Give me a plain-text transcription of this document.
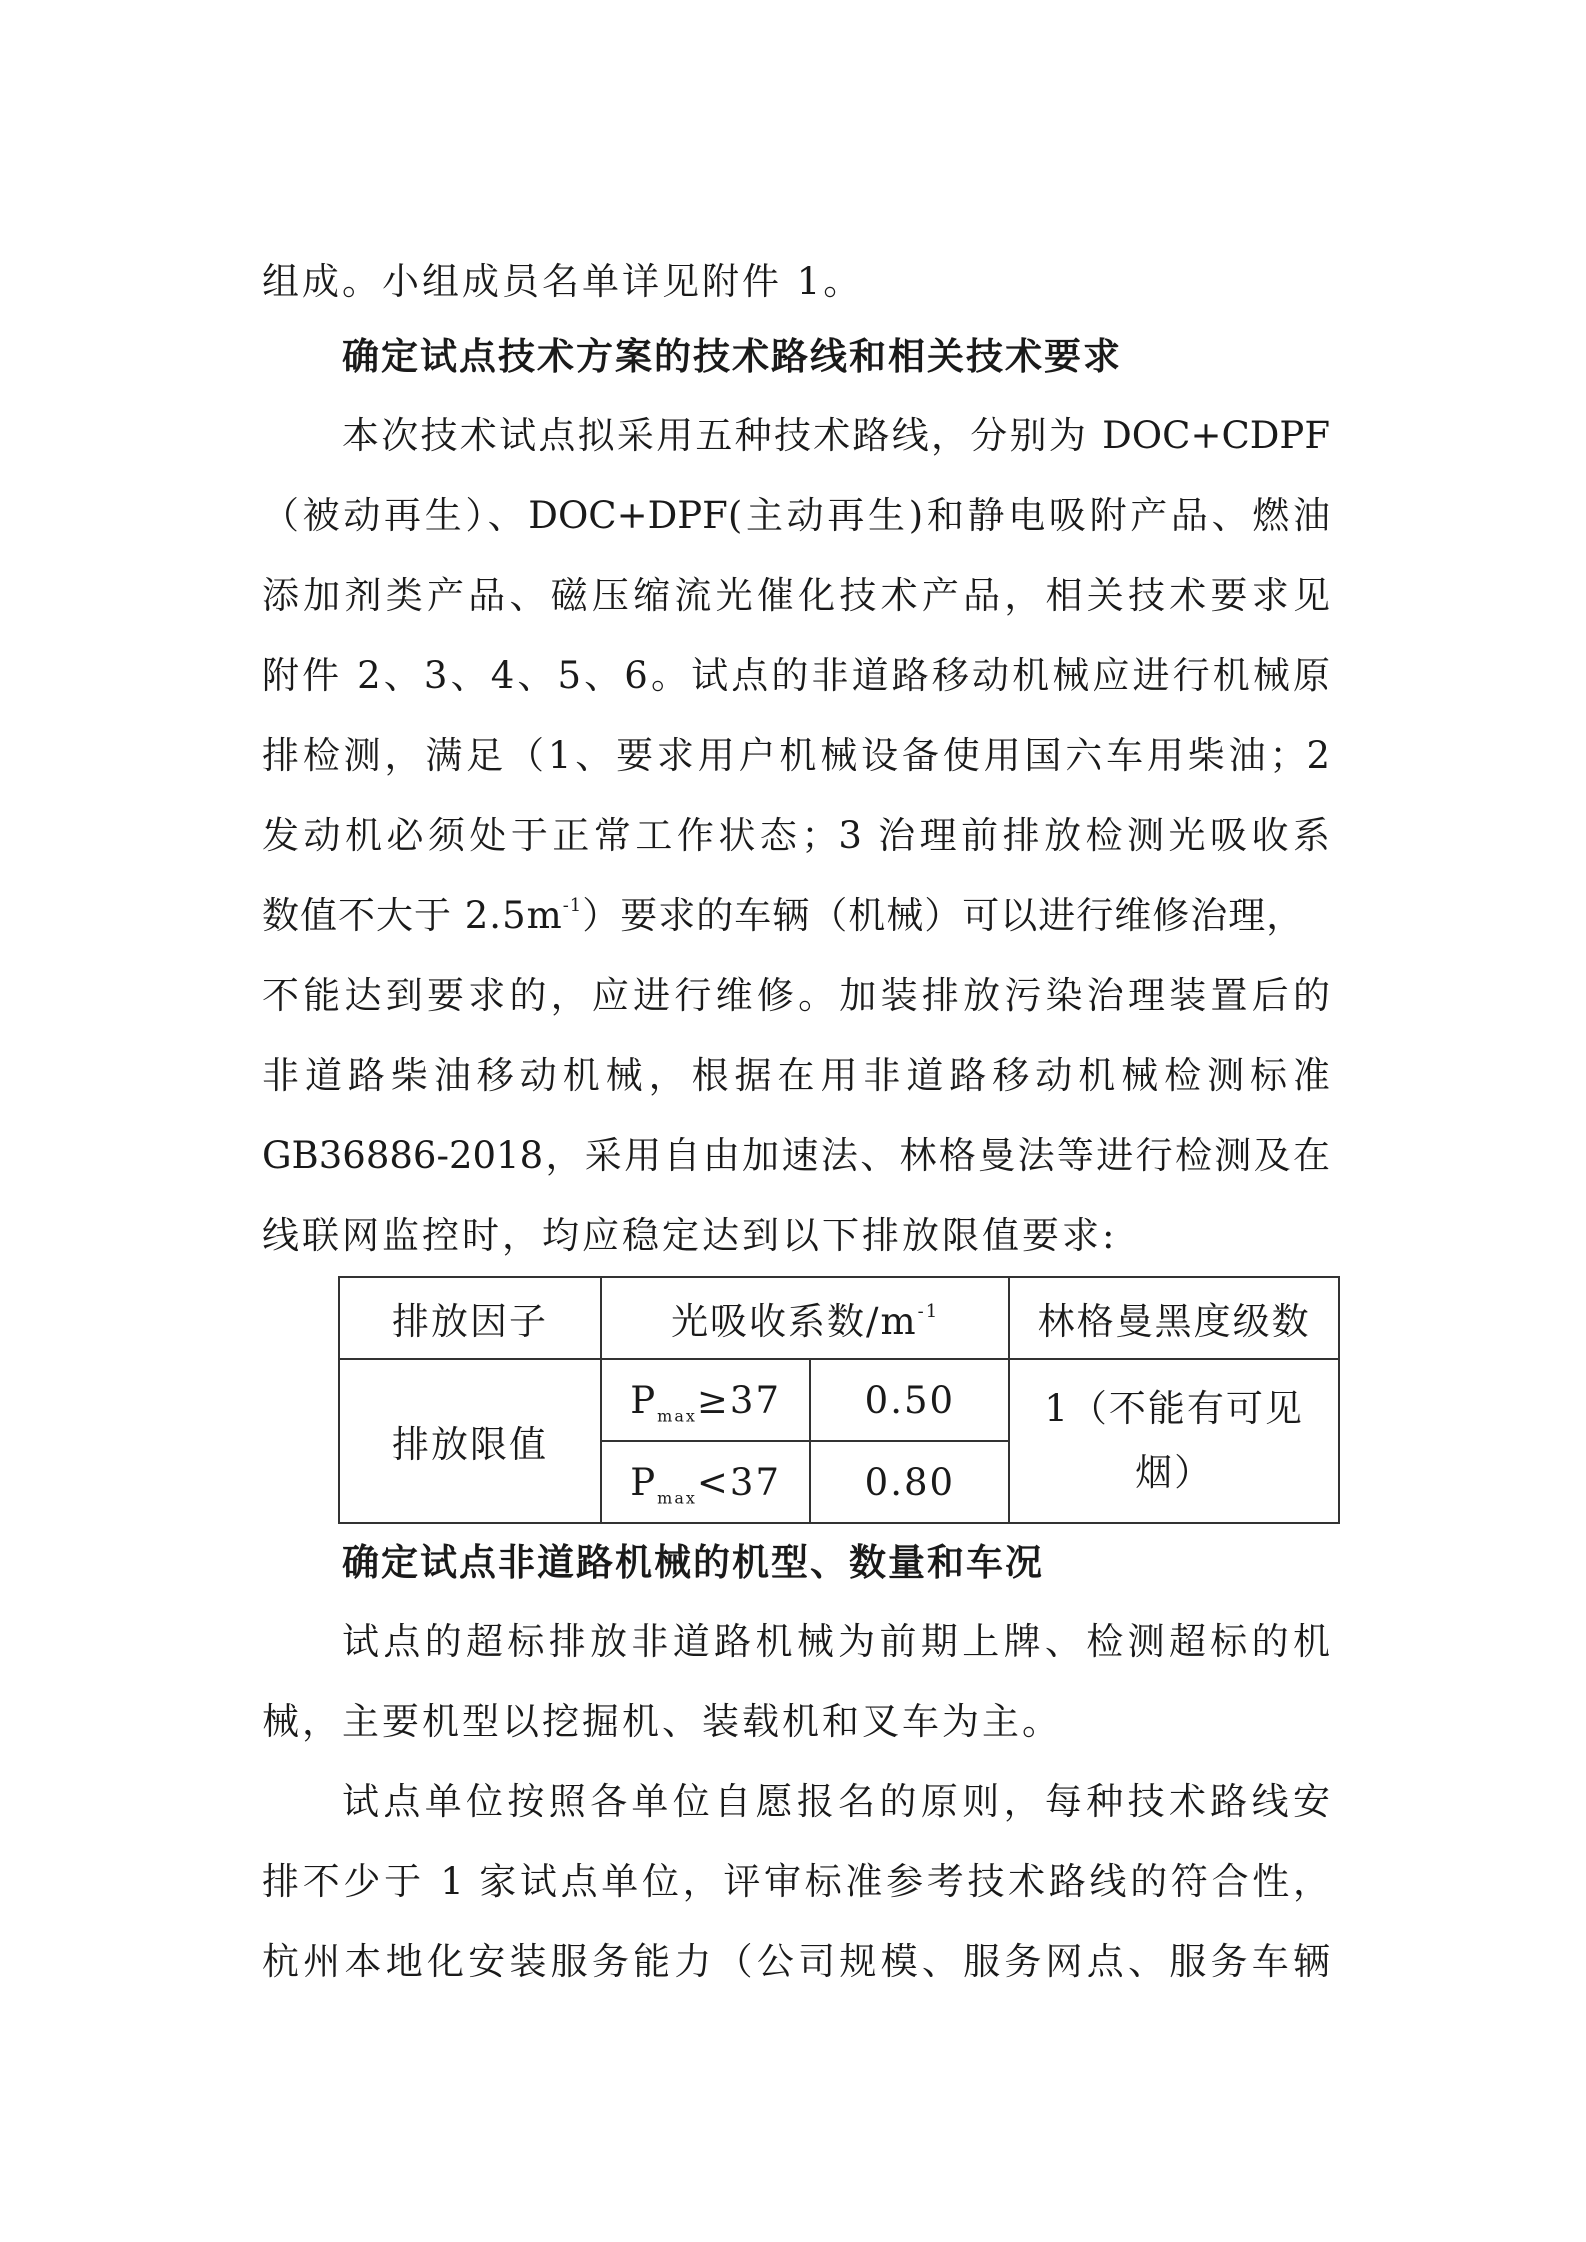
组成。小组成员名单详见附件 1。
确定试点技术方案的技术路线和相关技术要求
本次技术试点拟采用五种技术路线，分别为 DOC+CDPF
（被动再生）、DOC+DPF(主动再生)和静电吸附产品、燃油
添加剂类产品、磁压缩流光催化技术产品，相关技术要求见
附件 2、3、4、5、6。试点的非道路移动机械应进行机械原
排检测，满足（1、要求用户机械设备使用国六车用柴油；2
发动机必须处于正常工作状态；3 治理前排放检测光吸收系
数值不大于 $2.5m^{-1}$）要求的车辆（机械）可以进行维修治理，
不能达到要求的，应进行维修。加装排放污染治理装置后的
非道路柴油移动机械，根据在用非道路移动机械检测标准
GB36886-2018，采用自由加速法、林格曼法等进行检测及在
线联网监控时，均应稳定达到以下排放限值要求:
排放因子	光吸收系数$/m^{-1}$		林格曼黑度级数
排放限值	$P_{max}\ge 37$	0.50	1（不能有可见
烟）

	$P_{max}<37$	0.80	
确定试点非道路机械的机型、数量和车况
试点的超标排放非道路机械为前期上牌、检测超标的机
械，主要机型以挖掘机、装载机和叉车为主。
试点单位按照各单位自愿报名的原则，每种技术路线安
排不少于 1 家试点单位，评审标准参考技术路线的符合性，
杭州本地化安装服务能力（公司规模、服务网点、服务车辆
